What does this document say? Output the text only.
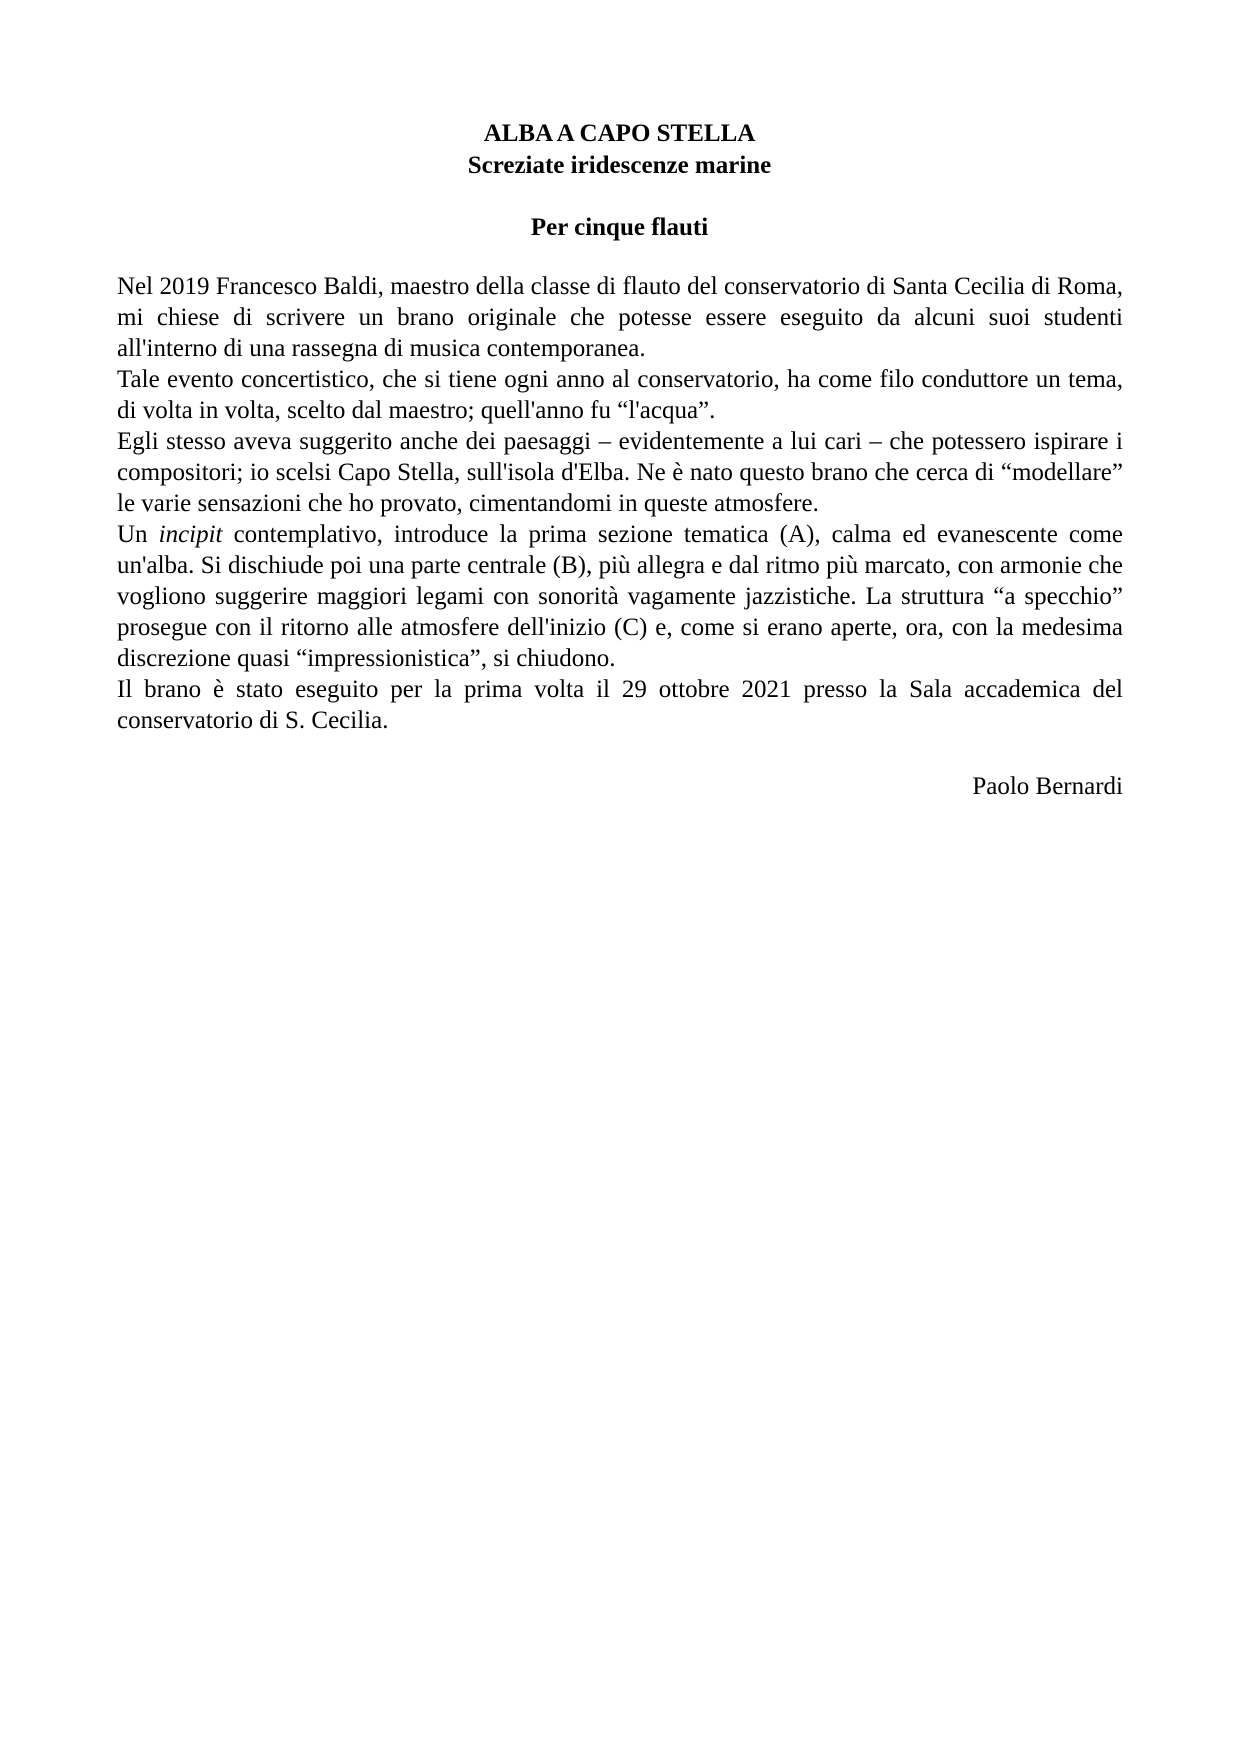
ALBA A CAPO STELLA
Screziate iridescenze marine
Per cinque flauti

Nel 2019 Francesco Baldi, maestro della classe di flauto del conservatorio di Santa Cecilia di Roma, mi chiese di scrivere un brano originale che potesse essere eseguito da alcuni suoi studenti all'interno di una rassegna di musica contemporanea.

Tale evento concertistico, che si tiene ogni anno al conservatorio, ha come filo conduttore un tema, di volta in volta, scelto dal maestro; quell'anno fu “l'acqua”.

Egli stesso aveva suggerito anche dei paesaggi – evidentemente a lui cari – che potessero ispirare i compositori; io scelsi Capo Stella, sull'isola d'Elba. Ne è nato questo brano che cerca di “modellare” le varie sensazioni che ho provato, cimentandomi in queste atmosfere.

Un incipit contemplativo, introduce la prima sezione tematica (A), calma ed evanescente come un'alba. Si dischiude poi una parte centrale (B), più allegra e dal ritmo più marcato, con armonie che vogliono suggerire maggiori legami con sonorità vagamente jazzistiche. La struttura “a specchio” prosegue con il ritorno alle atmosfere dell'inizio (C) e, come si erano aperte, ora, con la medesima discrezione quasi “impressionistica”, si chiudono.

Il brano è stato eseguito per la prima volta il 29 ottobre 2021 presso la Sala accademica del conservatorio di S. Cecilia.

Paolo Bernardi
